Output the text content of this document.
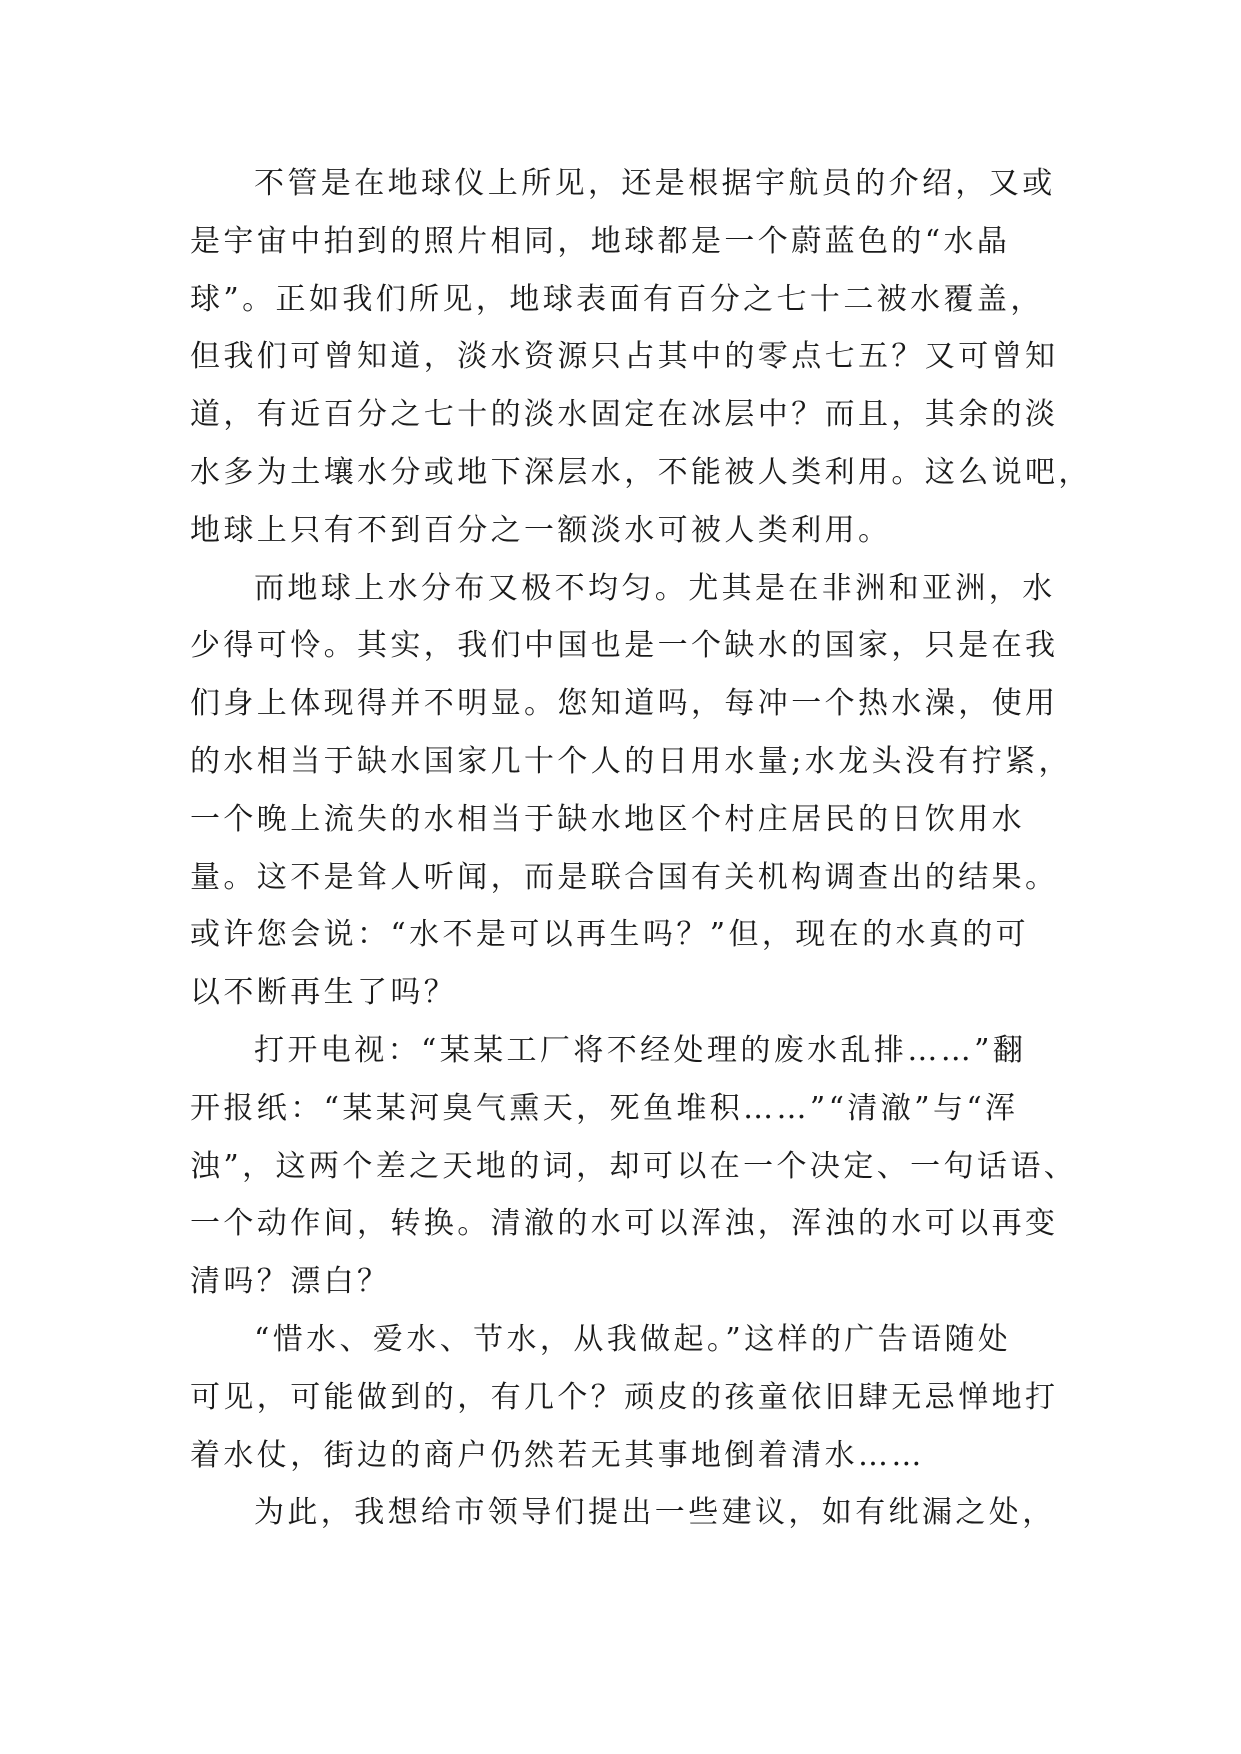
不管是在地球仪上所见，还是根据宇航员的介绍，又或
是宇宙中拍到的照片相同，地球都是一个蔚蓝色的“水晶
球”。正如我们所见，地球表面有百分之七十二被水覆盖，
但我们可曾知道，淡水资源只占其中的零点七五？又可曾知
道，有近百分之七十的淡水固定在冰层中？而且，其余的淡
水多为土壤水分或地下深层水，不能被人类利用。这么说吧，
地球上只有不到百分之一额淡水可被人类利用。
而地球上水分布又极不均匀。尤其是在非洲和亚洲，水
少得可怜。其实，我们中国也是一个缺水的国家，只是在我
们身上体现得并不明显。您知道吗，每冲一个热水澡，使用
的水相当于缺水国家几十个人的日用水量;水龙头没有拧紧，
一个晚上流失的水相当于缺水地区个村庄居民的日饮用水
量。这不是耸人听闻，而是联合国有关机构调查出的结果。
或许您会说：“水不是可以再生吗？”但，现在的水真的可
以不断再生了吗？
打开电视：“某某工厂将不经处理的废水乱排……”翻
开报纸：“某某河臭气熏天，死鱼堆积……”“清澈”与“浑
浊”，这两个差之天地的词，却可以在一个决定、一句话语、
一个动作间，转换。清澈的水可以浑浊，浑浊的水可以再变
清吗？漂白？
“惜水、爱水、节水，从我做起。”这样的广告语随处
可见，可能做到的，有几个？顽皮的孩童依旧肆无忌惮地打
着水仗，街边的商户仍然若无其事地倒着清水……
为此，我想给市领导们提出一些建议，如有纰漏之处，
